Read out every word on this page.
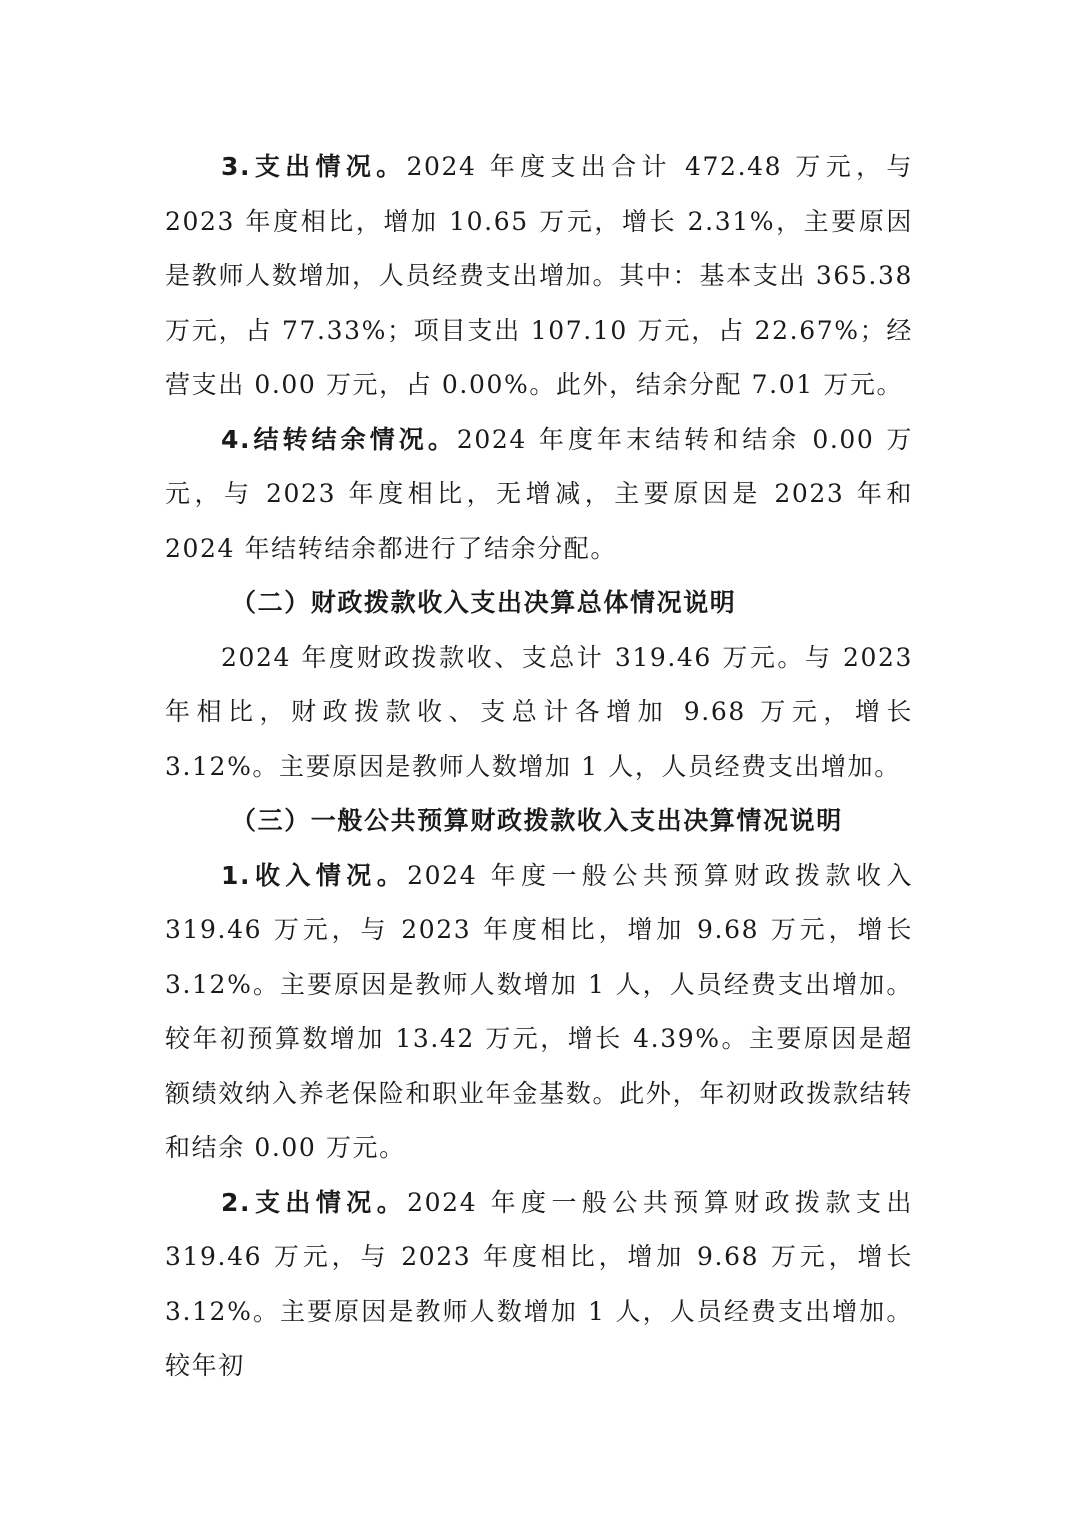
3.支出情况。2024 年度支出合计 472.48 万元，与 2023 年度相比，增加 10.65 万元，增长 2.31%，主要原因是教师人数增加，人员经费支出增加。其中：基本支出 365.38 万元，占 77.33%；项目支出 107.10 万元，占 22.67%；经营支出 0.00 万元，占 0.00%。此外，结余分配 7.01 万元。

4.结转结余情况。2024 年度年末结转和结余 0.00 万元，与 2023 年度相比，无增减，主要原因是 2023 年和 2024 年结转结余都进行了结余分配。

（二）财政拨款收入支出决算总体情况说明

2024 年度财政拨款收、支总计 319.46 万元。与 2023 年相比，财政拨款收、支总计各增加 9.68 万元，增长 3.12%。主要原因是教师人数增加 1 人，人员经费支出增加。

（三）一般公共预算财政拨款收入支出决算情况说明

1.收入情况。2024 年度一般公共预算财政拨款收入 319.46 万元，与 2023 年度相比，增加 9.68 万元，增长 3.12%。主要原因是教师人数增加 1 人，人员经费支出增加。较年初预算数增加 13.42 万元，增长 4.39%。主要原因是超额绩效纳入养老保险和职业年金基数。此外，年初财政拨款结转和结余 0.00 万元。

2.支出情况。2024 年度一般公共预算财政拨款支出 319.46 万元，与 2023 年度相比，增加 9.68 万元，增长 3.12%。主要原因是教师人数增加 1 人，人员经费支出增加。较年初
